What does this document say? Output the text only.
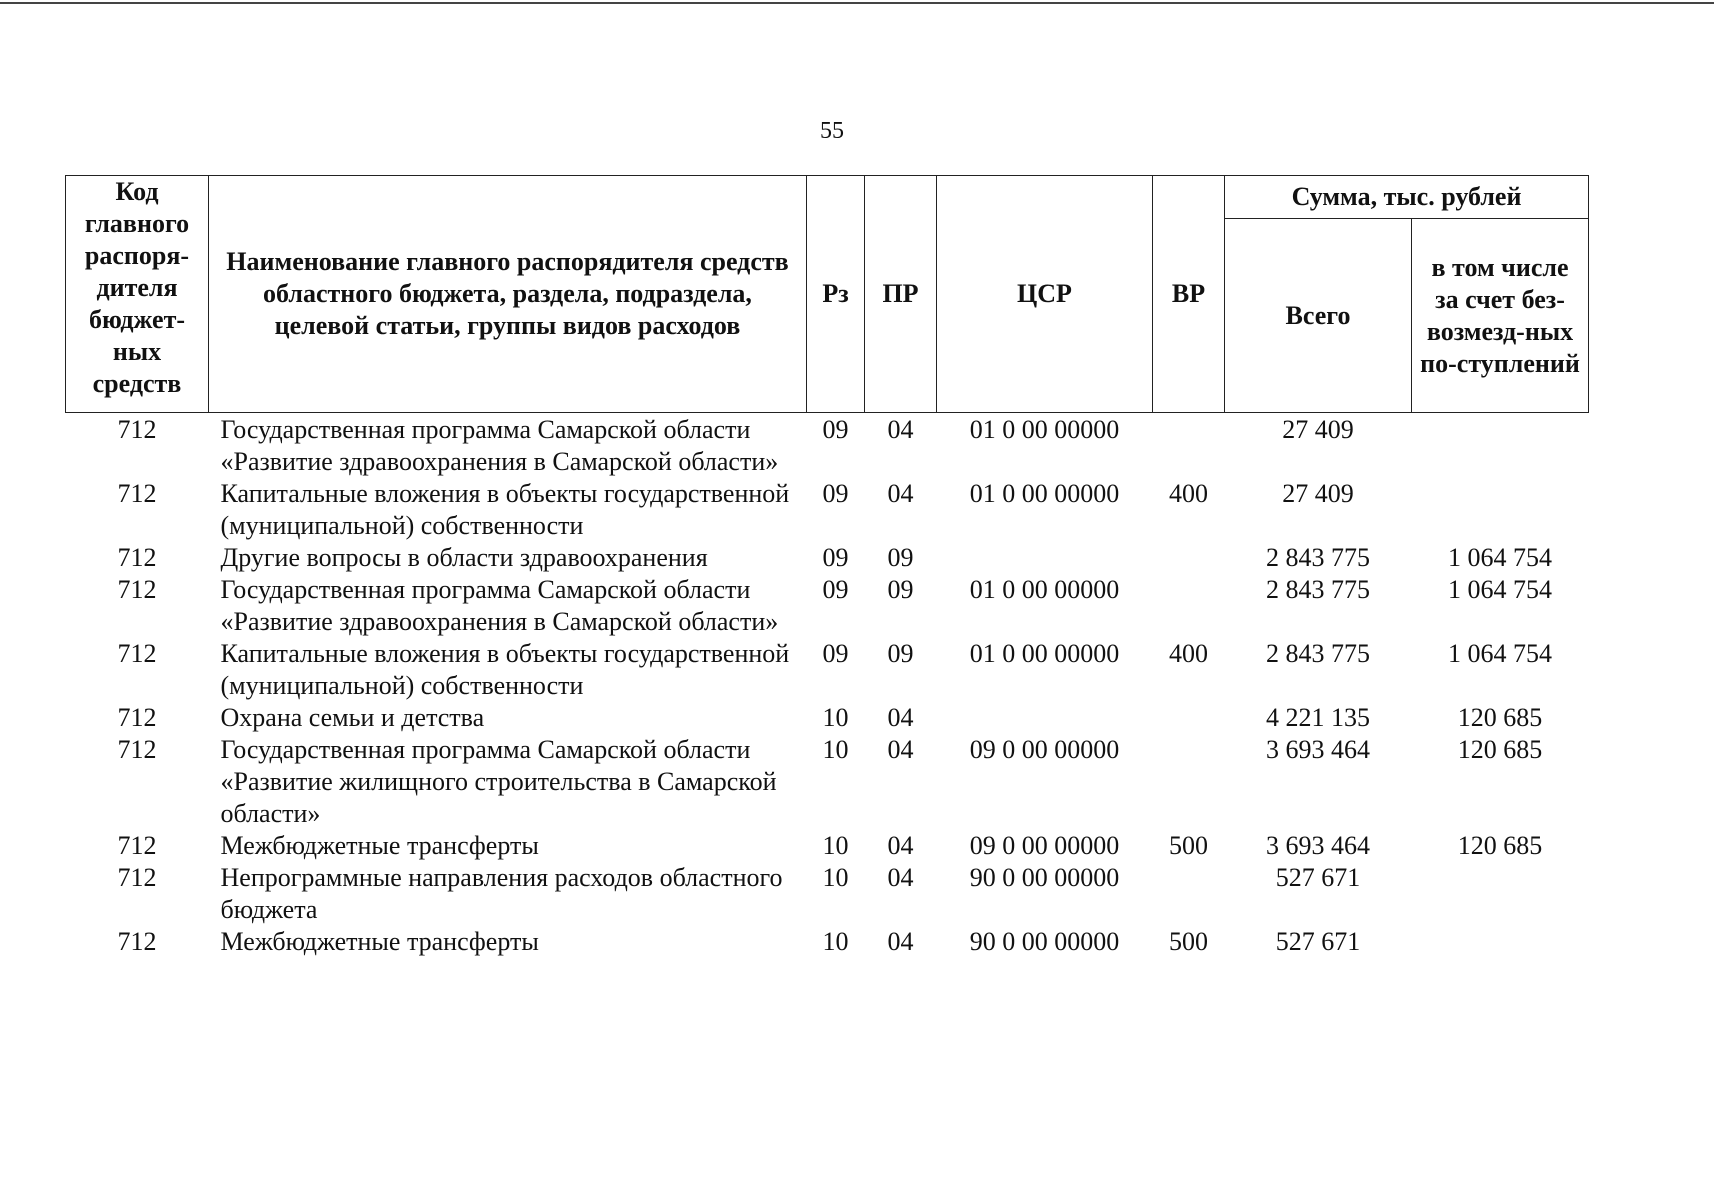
55
Код главного распоря-дителя бюджет-ных средств	Наименование главного распорядителя средств областного бюджета, раздела, подраздела, целевой статьи, группы видов расходов	Рз	ПР	ЦСР	ВР	Сумма, тыс. рублей	
						Всего	в том числе за счет без-возмезд-ных по-ступлений
712	Государственная программа Самарской области «Развитие здравоохранения в Самарской области»	09	04	01 0 00 00000		27 409	
712	Капитальные вложения в объекты государственной (муниципальной) собственности	09	04	01 0 00 00000	400	27 409	
712	Другие вопросы в области здравоохранения	09	09			2 843 775	1 064 754
712	Государственная программа Самарской области «Развитие здравоохранения в Самарской области»	09	09	01 0 00 00000		2 843 775	1 064 754
712	Капитальные вложения в объекты государственной (муниципальной) собственности	09	09	01 0 00 00000	400	2 843 775	1 064 754
712	Охрана семьи и детства	10	04			4 221 135	120 685
712	Государственная программа Самарской области «Развитие жилищного строительства в Самарской области»	10	04	09 0 00 00000		3 693 464	120 685
712	Межбюджетные трансферты	10	04	09 0 00 00000	500	3 693 464	120 685
712	Непрограммные направления расходов областного бюджета	10	04	90 0 00 00000		527 671	
712	Межбюджетные трансферты	10	04	90 0 00 00000	500	527 671	
